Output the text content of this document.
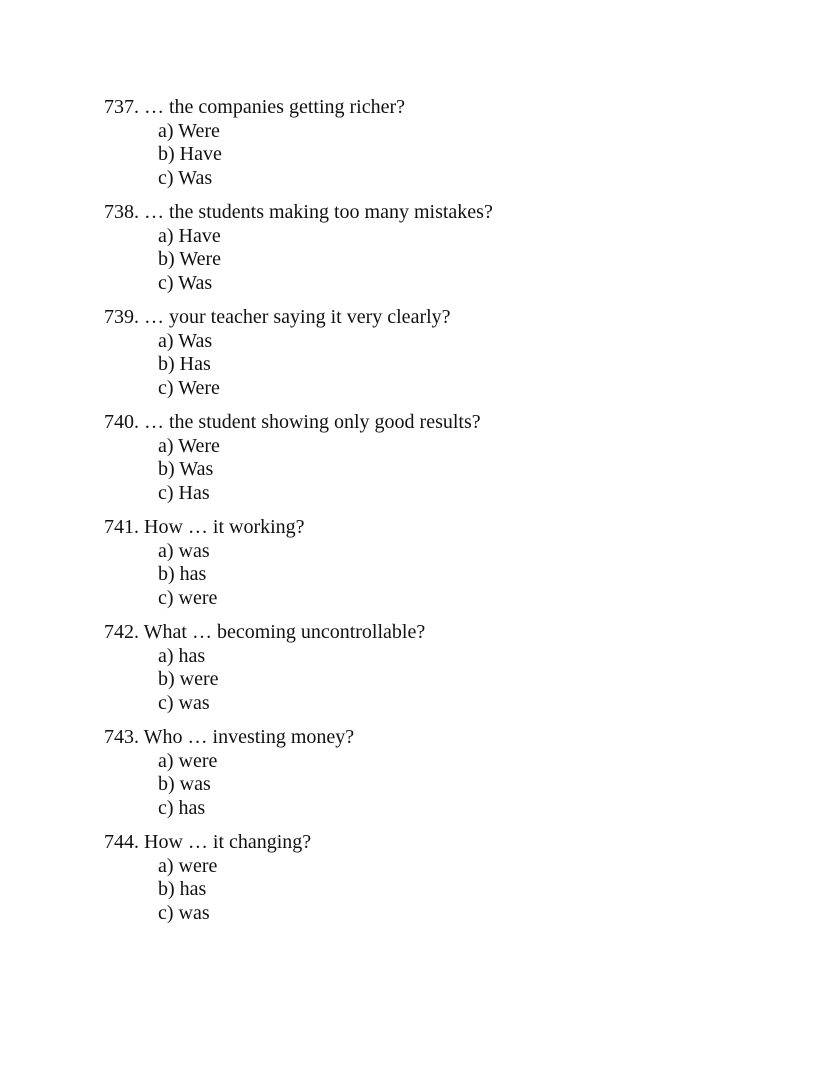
737. … the companies getting richer?
a) Were
b) Have
c) Was
738. … the students making too many mistakes?
a) Have
b) Were
c) Was
739. … your teacher saying it very clearly?
a) Was
b) Has
c) Were
740. … the student showing only good results?
a) Were
b) Was
c) Has
741. How … it working?
a) was
b) has
c) were
742. What … becoming uncontrollable?
a) has
b) were
c) was
743. Who … investing money?
a) were
b) was
c) has
744. How … it changing?
a) were
b) has
c) was
